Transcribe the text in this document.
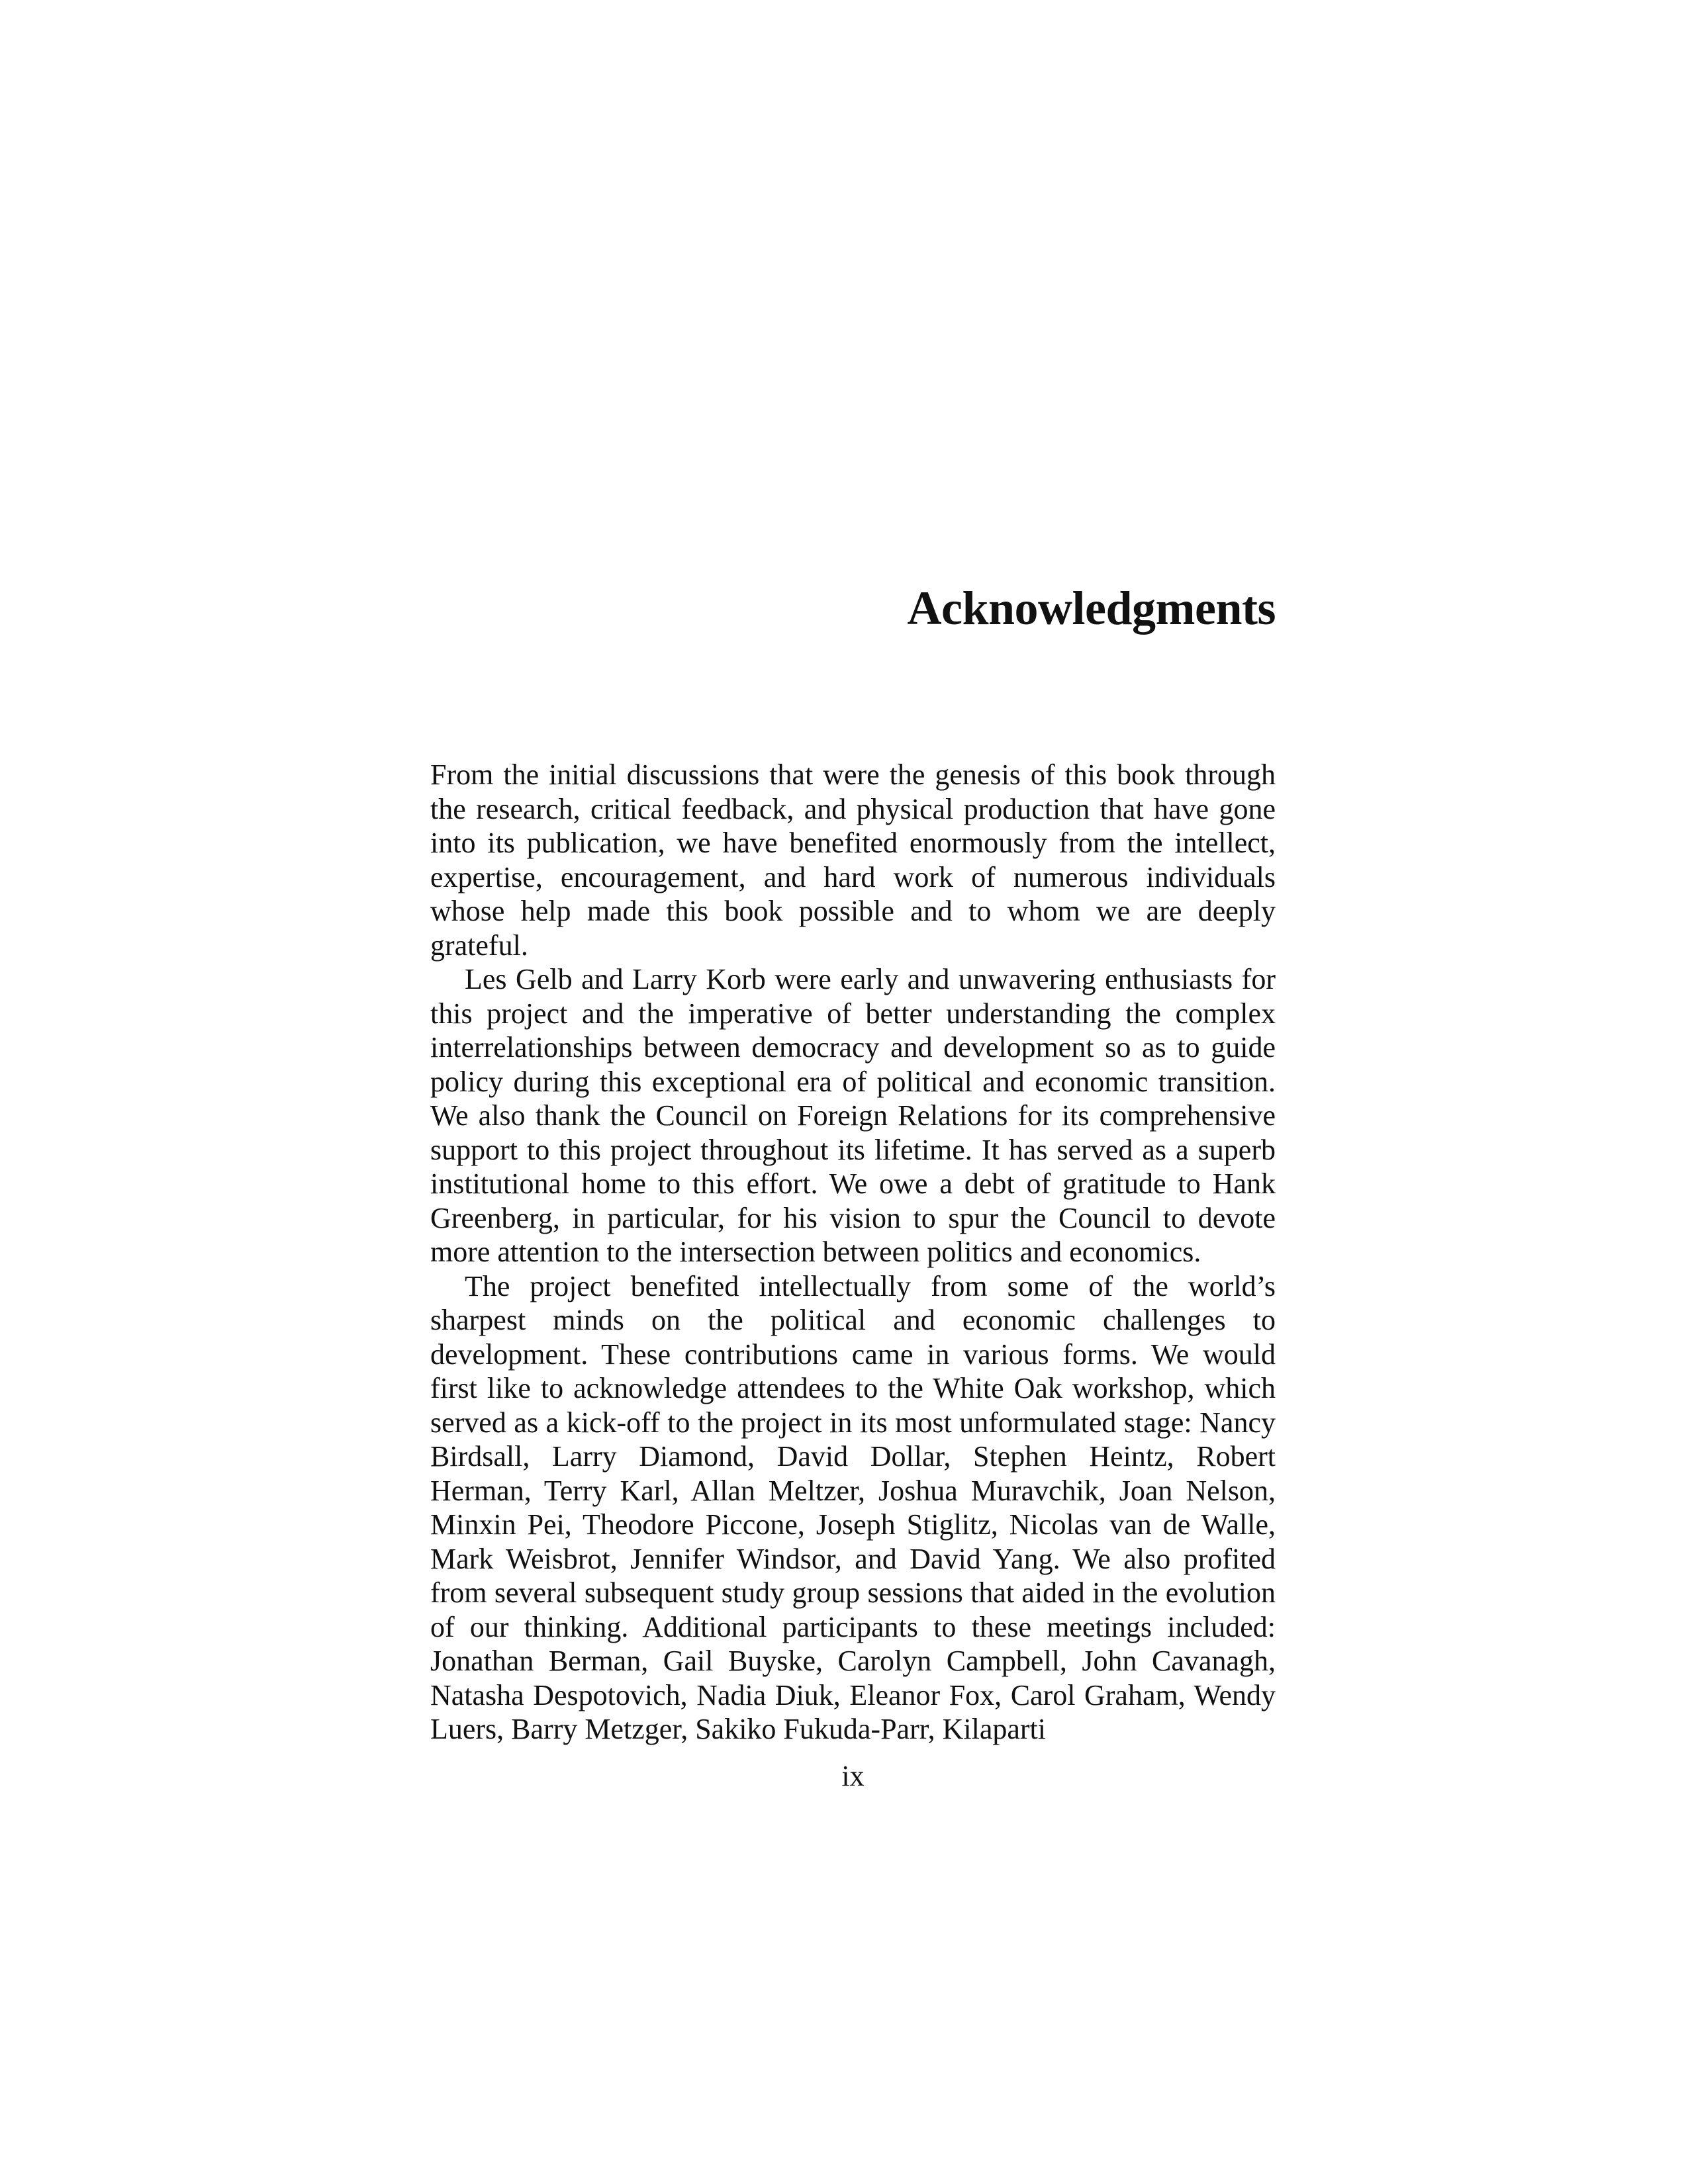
Acknowledgments

From the initial discussions that were the genesis of this book through the research, critical feedback, and physical production that have gone into its publication, we have benefited enormously from the intellect, expertise, encouragement, and hard work of numerous individuals whose help made this book possible and to whom we are deeply grateful.

Les Gelb and Larry Korb were early and unwavering enthusiasts for this project and the imperative of better understanding the complex interrelationships between democracy and development so as to guide policy during this exceptional era of political and economic transition. We also thank the Council on Foreign Relations for its comprehensive support to this project throughout its lifetime. It has served as a superb institutional home to this effort. We owe a debt of gratitude to Hank Greenberg, in particular, for his vision to spur the Council to devote more attention to the intersection between politics and economics.

The project benefited intellectually from some of the world’s sharpest minds on the political and economic challenges to development. These contributions came in various forms. We would first like to acknowledge attendees to the White Oak workshop, which served as a kick-off to the project in its most unformulated stage: Nancy Birdsall, Larry Diamond, David Dollar, Stephen Heintz, Robert Herman, Terry Karl, Allan Meltzer, Joshua Muravchik, Joan Nelson, Minxin Pei, Theodore Piccone, Joseph Stiglitz, Nicolas van de Walle, Mark Weisbrot, Jennifer Windsor, and David Yang. We also profited from several subsequent study group sessions that aided in the evolution of our thinking. Additional participants to these meetings included: Jonathan Berman, Gail Buyske, Carolyn Campbell, John Cavanagh, Natasha Despotovich, Nadia Diuk, Eleanor Fox, Carol Graham, Wendy Luers, Barry Metzger, Sakiko Fukuda-Parr, Kilaparti

ix
